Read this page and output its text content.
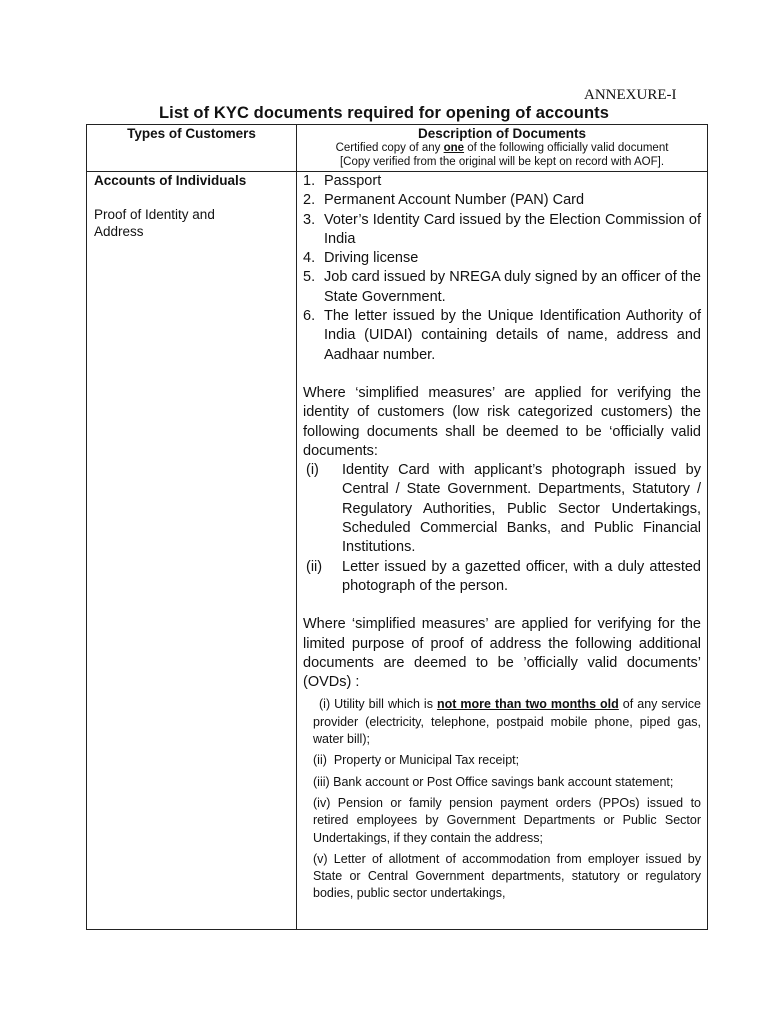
ANNEXURE-I
List of KYC documents required for opening of accounts
Types of Customers	Description of Documents
Certified copy of any one of the following officially valid document
[Copy verified from the original will be kept on record with AOF].
Accounts of Individuals
Proof of Identity and Address
1. Passport
2. Permanent Account Number (PAN) Card
3. Voter’s Identity Card issued by the Election Commission of India
4. Driving license
5. Job card issued by NREGA duly signed by an officer of the State Government.
6. The letter issued by the Unique Identification Authority of India (UIDAI) containing details of name, address and Aadhaar number.

Where ‘simplified measures’ are applied for verifying the identity of customers (low risk categorized customers) the following documents shall be deemed to be ‘officially valid documents:

(i)	Identity Card with applicant’s photograph issued by Central / State Government. Departments, Statutory / Regulatory Authorities, Public Sector Undertakings, Scheduled Commercial Banks, and Public Financial Institutions.
(ii)	Letter issued by a gazetted officer, with a duly attested photograph of the person.

Where ‘simplified measures’ are applied for verifying for the limited purpose of proof of address the following additional documents are deemed to be ’officially valid documents’ (OVDs) :

(i) Utility bill which is not more than two months old of any service provider (electricity, telephone, postpaid mobile phone, piped gas, water bill);

(ii)  Property or Municipal Tax receipt;

(iii) Bank account or Post Office savings bank account statement;

(iv) Pension or family pension payment orders (PPOs) issued to retired employees by Government Departments or Public Sector Undertakings, if they contain the address;

(v) Letter of allotment of accommodation from employer issued by State or Central Government departments, statutory or regulatory bodies, public sector undertakings,
